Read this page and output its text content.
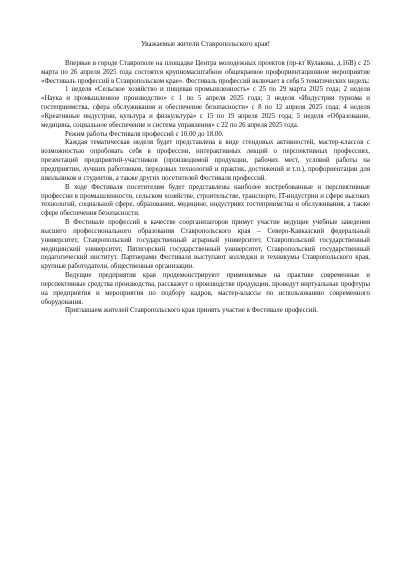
Уважаемые жители Ставропольского края!

Впервые в городе Ставрополе на площадке Центра молодежных проектов (пр-кт Кулакова, д.16В) с 25 марта по 26 апреля 2025 года состоятся крупномасштабное общекраевое профориентационное мероприятие «Фестиваль профессий в Ставропольском крае». Фестиваль профессий включает в себя 5 тематических недель:

1 неделя «Сельское хозяйство и пищевая промышленность» с 25 по 29 марта 2025 года; 2 неделя «Наука и промышленное производство» с 1 по 5 апреля 2025 года; 3 неделя «Индустрия туризма и гостеприимства, сфера обслуживания и обеспечение безопасности» с 8 по 12 апреля 2025 года; 4 неделя «Креативные индустрии, культура и физкультура» с 15 по 19 апреля 2025 года; 5 неделя «Образование, медицина, социальное обеспечение и система управления» с 22 по 26 апреля 2025 года.

Режим работы Фестиваля профессий с 10.00 до 18.00.

Каждая тематическая неделя будет представлена в виде стендовых активностей, мастер-классов с возможностью опробовать себя в профессии, интерактивных лекций о перспективных профессиях, презентаций предприятий-участников (производимой продукции, рабочих мест, условий работы на предприятии, лучших работников, передовых технологий и практик, достижений и т.п.), профориентации для школьников и студентов, а также других посетителей Фестиваля профессий.

В ходе Фестиваля посетителям будет представлены наиболее востребованные и перспективные профессии в промышленности, сельском хозяйстве, строительстве, транспорте, IT-индустрии и сфере высоких технологий, социальной сфере, образовании, медицине, индустриях гостеприимства и обслуживания, а также сфере обеспечения безопасности.

В Фестивале профессий в качестве соорганизаторов примут участие ведущие учебные заведения высшего профессионального образования Ставропольского края – Северо-Кавказский федеральный университет, Ставропольский государственный аграрный университет, Ставропольский государственный медицинский университет, Пятигорский государственный университет, Ставропольский государственный педагогический институт. Партнерами Фестиваля выступают колледжи и техникумы Ставропольского края, крупные работодатели, общественные организации.

Ведущие предприятия края продемонстрируют применяемые на практике современные и перспективные средства производства, расскажут о производстве продукции, проведут виртуальные профтуры на предприятия и мероприятия по подбору кадров, мастер-классы по использованию современного оборудования.

Приглашаем жителей Ставропольского края принять участие в Фестивале профессий.
